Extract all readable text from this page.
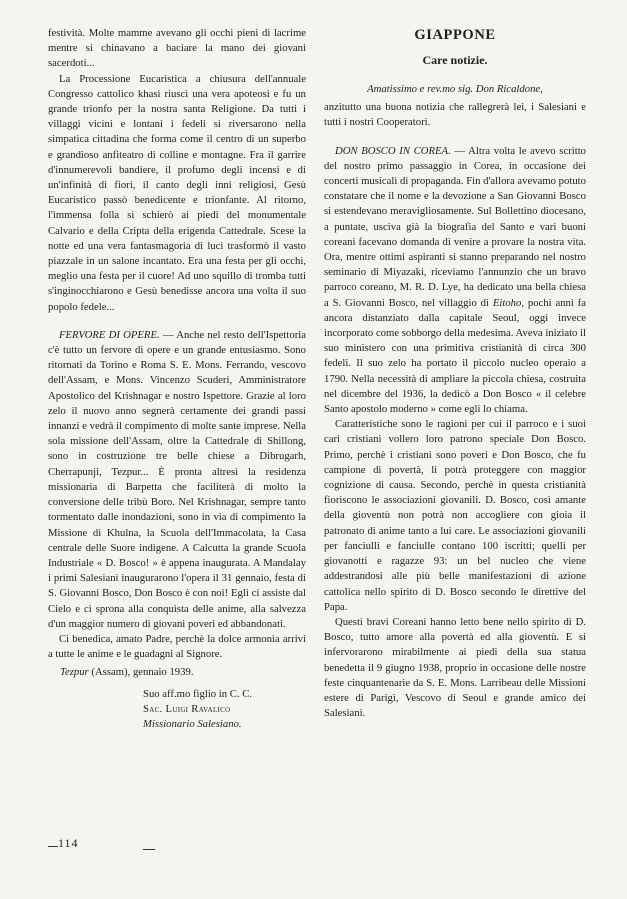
festività. Molte mamme avevano gli occhi pieni di lacrime mentre si chinavano a baciare la mano dei giovani sacerdoti...

La Processione Eucaristica a chiusura dell'annuale Congresso cattolico khasi riuscì una vera apoteosi e fu un grande trionfo per la nostra santa Religione. Da tutti i villaggi vicini e lontani i fedeli si riversarono nella simpatica cittadina che forma come il centro di un superbo e grandioso anfiteatro di colline e montagne. Fra il garrire d'innumerevoli bandiere, il profumo degli incensi e di un'infinità di fiori, il canto degli inni religiosi, Gesù Eucaristico passò benedicente e trionfante. Al ritorno, l'immensa folla si schierò ai piedi del monumentale Calvario e della Cripta della erigenda Cattedrale. Scese la notte ed una vera fantasmagoria di luci trasformò il vasto piazzale in un salone incantato. Era una festa per gli occhi, meglio una festa per il cuore! Ad uno squillo di tromba tutti s'inginocchiarono e Gesù benedisse ancora una volta il suo popolo fedele...

FERVORE DI OPERE. — Anche nel resto dell'Ispettoria c'è tutto un fervore di opere e un grande entusiasmo. Sono ritornati da Torino e Roma S. E. Mons. Ferrando, vescovo dell'Assam, e Mons. Vincenzo Scuderi, Amministratore Apostolico del Krishnagar e nostro Ispettore. Grazie al loro zelo il nuovo anno segnerà certamente dei grandi passi innanzi e vedrà il compimento di molte sante imprese. Nella sola missione dell'Assam, oltre la Cattedrale di Shillong, sono in costruzione tre belle chiese a Dibrugarh, Cherrapunji, Tezpur... È pronta altresì la residenza missionaria di Barpetta che faciliterà di molto la conversione delle tribù Boro. Nel Krishnagar, sempre tanto tormentato dalle inondazioni, sono in via di compimento la Missione di Khulna, la Scuola dell'Immacolata, la Casa centrale delle Suore indigene. A Calcutta la grande Scuola Industriale « D. Bosco! » è appena inaugurata. A Mandalay i primi Salesiani inaugurarono l'opera il 31 gennaio, festa di S. Giovanni Bosco, Don Bosco è con noi! Egli ci assiste dal Cielo e ci sprona alla conquista delle anime, alla salvezza d'un maggior numero di giovani poveri ed abbandonati.

Ci benedica, amato Padre, perchè la dolce armonia arrivi a tutte le anime e le guadagni al Signore.

Tezpur (Assam), gennaio 1939.

Suo aff.mo figlio in C. C.
Sac. Luigi Ravalico
Missionario Salesiano.
GIAPPONE
Care notizie.

Amatissimo e rev.mo sig. Don Ricaldone,

anzitutto una buona notizia che rallegrerà lei, i Salesiani e tutti i nostri Cooperatori.

DON BOSCO IN COREA. — Altra volta le avevo scritto del nostro primo passaggio in Corea, in occasione dei concerti musicali di propaganda. Fin d'allora avevamo potuto constatare che il nome e la devozione a San Giovanni Bosco si estendevano meravigliosamente. Sul Bollettino diocesano, a puntate, usciva già la biografia del Santo e vari buoni coreani facevano domanda di venire a provare la nostra vita. Ora, mentre ottimi aspiranti si stanno preparando nel nostro seminario di Miyazaki, riceviamo l'annunzio che un bravo parroco coreano, M. R. D. Lye, ha dedicato una bella chiesa a S. Giovanni Bosco, nel villaggio di Eitoho, pochi anni fa ancora distanziato dalla capitale Seoul, oggi invece incorporato come sobborgo della medesima. Aveva iniziato il suo ministero con una primitiva cristianità di circa 300 fedeli. Il suo zelo ha portato il piccolo nucleo operaio a 1790. Nella necessità di ampliare la piccola chiesa, costruita nel dicembre del 1936, la dedicò a Don Bosco « il celebre Santo apostolo moderno » come egli lo chiama.

Caratteristiche sono le ragioni per cui il parroco e i suoi cari cristiani vollero loro patrono speciale Don Bosco. Primo, perchè i cristiani sono poveri e Don Bosco, che fu campione di povertà, li potrà proteggere con maggior cognizione di causa. Secondo, perchè in questa cristianità fioriscono le associazioni giovanili. D. Bosco, così amante della gioventù non potrà non accogliere con gioia il patronato di anime tanto a lui care. Le associazioni giovanili per fanciulli e fanciulle contano 100 iscritti; quelli per giovanotti e ragazze 93: un bel nucleo che viene addestrandosi alle più belle manifestazioni di azione cattolica nello spirito di D. Bosco secondo le direttive del Papa.

Questi bravi Coreani hanno letto bene nello spirito di D. Bosco, tutto amore alla povertà ed alla gioventù. E si infervorarono mirabilmente ai piedi della sua statua benedetta il 9 giugno 1938, proprio in occasione delle nostre feste cinquantenarie da S. E. Mons. Larribeau delle Missioni estere di Parigi, Vescovo di Seoul e grande amico dei Salesiani.

114
